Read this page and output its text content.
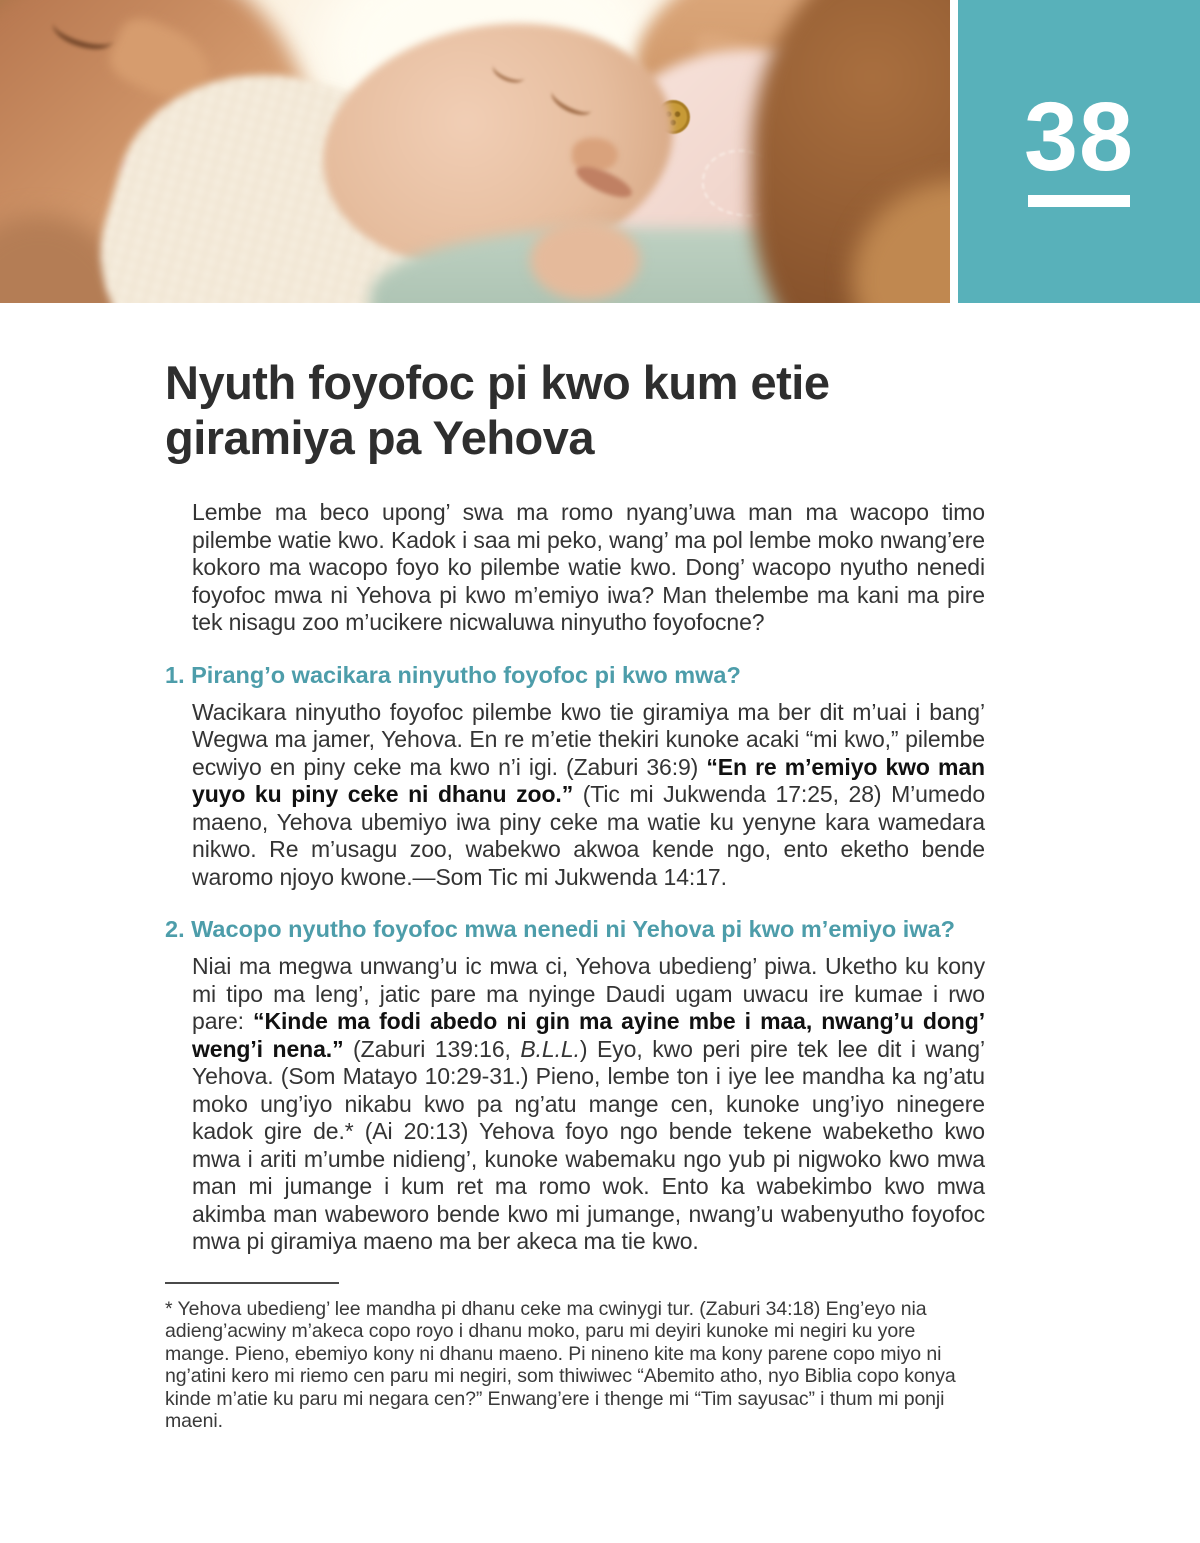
38
Nyuth foyofoc pi kwo kum etie giramiya pa Yehova

Lembe ma beco upong’ swa ma romo nyang’uwa man ma wacopo timo pilembe watie kwo. Kadok i saa mi peko, wang’ ma pol lembe moko nwang’ere kokoro ma wacopo foyo ko pilembe watie kwo. Dong’ wacopo nyutho nenedi foyofoc mwa ni Yehova pi kwo m’emiyo iwa? Man thelembe ma kani ma pire tek nisagu zoo m’ucikere nicwaluwa ninyutho foyofocne?

1. Pirang’o wacikara ninyutho foyofoc pi kwo mwa?

Wacikara ninyutho foyofoc pilembe kwo tie giramiya ma ber dit m’uai i bang’ Wegwa ma jamer, Yehova. En re m’etie thekiri kunoke acaki “mi kwo,” pilembe ecwiyo en piny ceke ma kwo n’i igi. (Zaburi 36:9) “En re m’emiyo kwo man yuyo ku piny ceke ni dhanu zoo.” (Tic mi Jukwenda 17:25, 28) M’umedo maeno, Yehova ubemiyo iwa piny ceke ma watie ku yenyne kara wamedara nikwo. Re m’usagu zoo, wabekwo akwoa kende ngo, ento eketho bende waromo njoyo kwone.—Som Tic mi Jukwenda 14:17.

2. Wacopo nyutho foyofoc mwa nenedi ni Yehova pi kwo m’emiyo iwa?

Niai ma megwa unwang’u ic mwa ci, Yehova ubedieng’ piwa. Uketho ku kony mi tipo ma leng’, jatic pare ma nyinge Daudi ugam uwacu ire kumae i rwo pare: “Kinde ma fodi abedo ni gin ma ayine mbe i maa, nwang’u dong’ weng’i nena.” (Zaburi 139:16, B.L.L.) Eyo, kwo peri pire tek lee dit i wang’ Yehova. (Som Matayo 10:29-31.) Pieno, lembe ton i iye lee mandha ka ng’atu moko ung’iyo nikabu kwo pa ng’atu mange cen, kunoke ung’iyo ninegere kadok gire de.* (Ai 20:13) Yehova foyo ngo bende tekene wabeketho kwo mwa i ariti m’umbe nidieng’, kunoke wabemaku ngo yub pi nigwoko kwo mwa man mi jumange i kum ret ma romo wok. Ento ka wabekimbo kwo mwa akimba man wabeworo bende kwo mi jumange, nwang’u wabenyutho foyofoc mwa pi giramiya maeno ma ber akeca ma tie kwo.

* Yehova ubedieng’ lee mandha pi dhanu ceke ma cwinygi tur. (Zaburi 34:18) Eng’eyo nia adieng’acwiny m’akeca copo royo i dhanu moko, paru mi deyiri kunoke mi negiri ku yore mange. Pieno, ebemiyo kony ni dhanu maeno. Pi nineno kite ma kony parene copo miyo ni ng’atini kero mi riemo cen paru mi negiri, som thiwiwec “Abemito atho, nyo Biblia copo konya kinde m’atie ku paru mi negara cen?” Enwang’ere i thenge mi “Tim sayusac” i thum mi ponji maeni.
